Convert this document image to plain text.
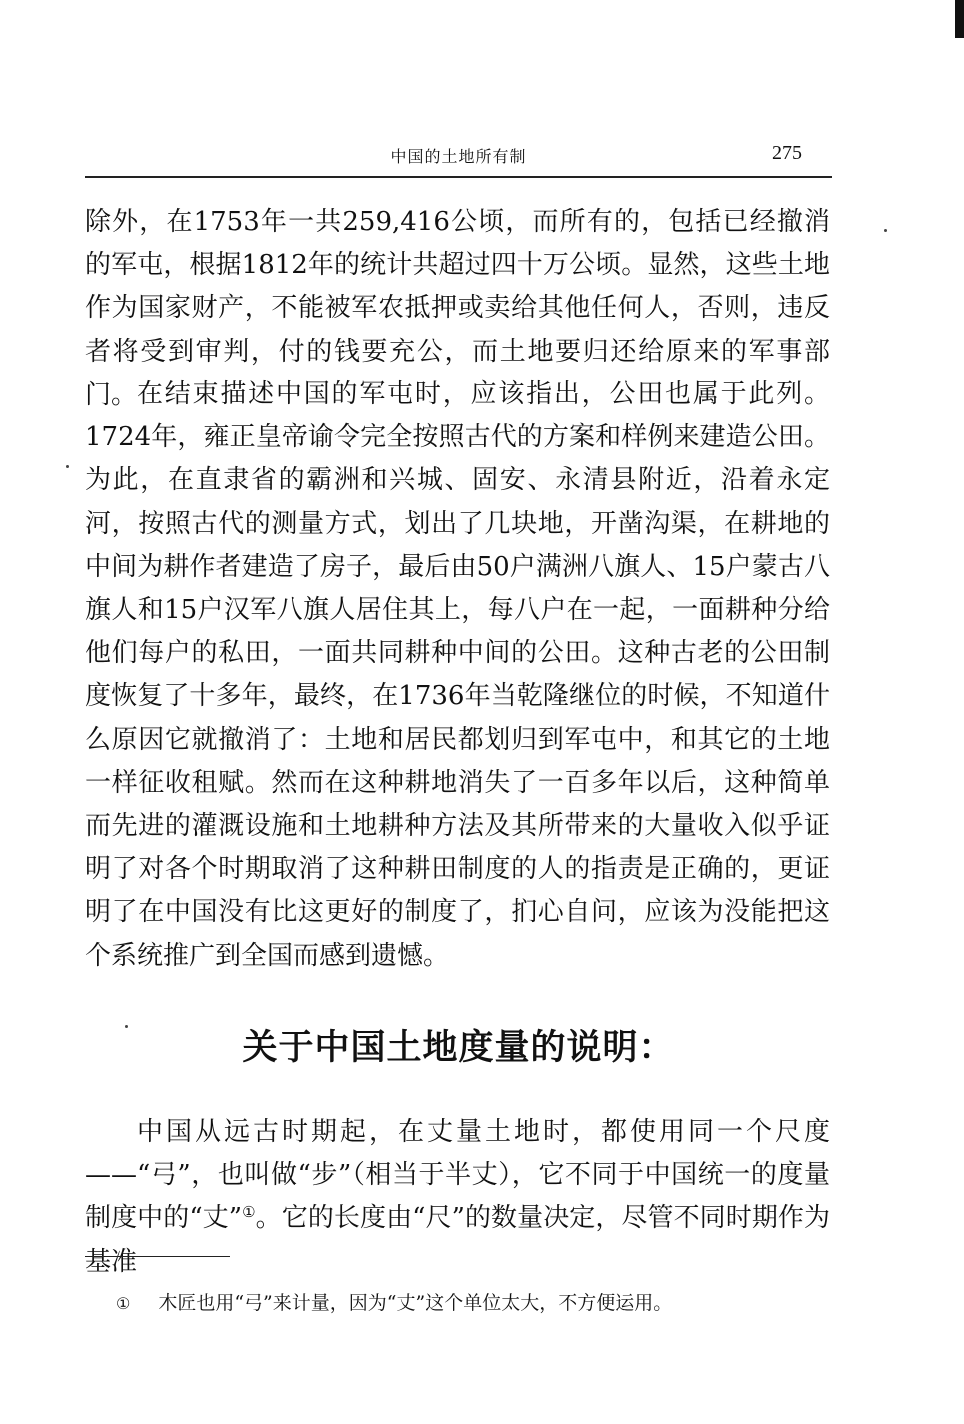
中国的土地所有制	275

除外，在1753年一共259,416公顷，而所有的，包括已经撤消的军屯，根据1812年的统计共超过四十万公顷。显然，这些土地作为国家财产，不能被军农抵押或卖给其他任何人，否则，违反者将受到审判，付的钱要充公，而土地要归还给原来的军事部门。 在结束描述中国的军屯时，应该指出，公田也属于此列。1724年，雍正皇帝谕令完全按照古代的方案和样例来建造公田。为此，在直隶省的霸洲和兴城、固安、永清县附近，沿着永定河，按照古代的测量方式，划出了几块地，开凿沟渠，在耕地的中间为耕作者建造了房子，最后由50户满洲八旗人、15户蒙古八旗人和15户汉军八旗人居住其上，每八户在一起，一面耕种分给他们每户的私田，一面共同耕种中间的公田。这种古老的公田制度恢复了十多年，最终，在1736年当乾隆继位的时候，不知道什么原因它就撤消了：土地和居民都划归到军屯中，和其它的土地一样征收租赋。然而在这种耕地消失了一百多年以后，这种简单而先进的灌溉设施和土地耕种方法及其所带来的大量收入似乎证明了对各个时期取消了这种耕田制度的人的指责是正确的，更证明了在中国没有比这更好的制度了，扪心自问，应该为没能把这个系统推广到全国而感到遗憾。

关于中国土地度量的说明：

中国从远古时期起，在丈量土地时，都使用同一个尺度——“弓”，也叫做“步”（相当于半丈），它不同于中国统一的度量制度中的“丈”①。它的长度由“尺”的数量决定，尽管不同时期作为基准

① 木匠也用“弓”来计量，因为“丈”这个单位太大，不方便运用。
